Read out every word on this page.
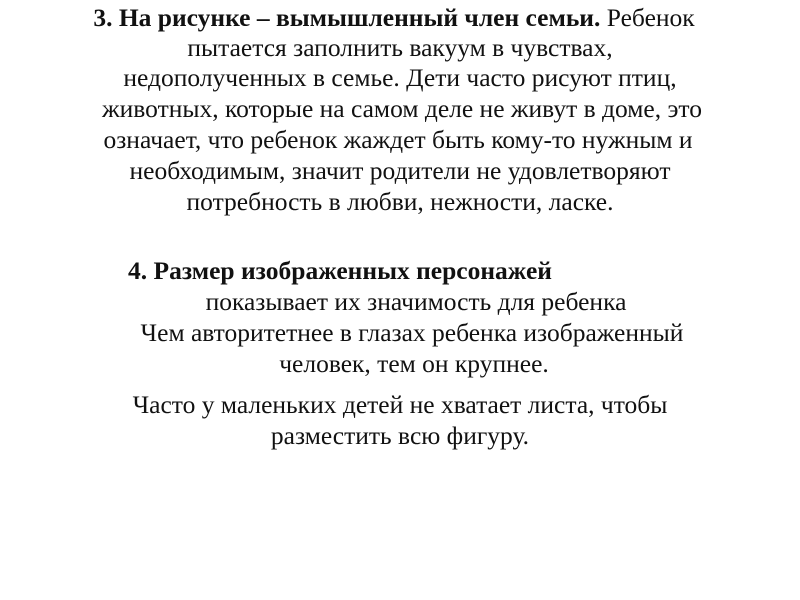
3. На рисунке – вымышленный член семьи. Ребенок
пытается заполнить вакуум в чувствах,
недополученных в семье. Дети часто рисуют птиц,
животных, которые на самом деле не живут в доме, это
означает, что ребенок жаждет быть кому-то нужным и
необходимым, значит родители не удовлетворяют
потребность в любви, нежности, ласке.
4. Размер изображенных персонажей
показывает их значимость для ребенка
Чем авторитетнее в глазах ребенка изображенный
человек, тем он крупнее.
Часто у маленьких детей не хватает листа, чтобы
разместить всю фигуру.
